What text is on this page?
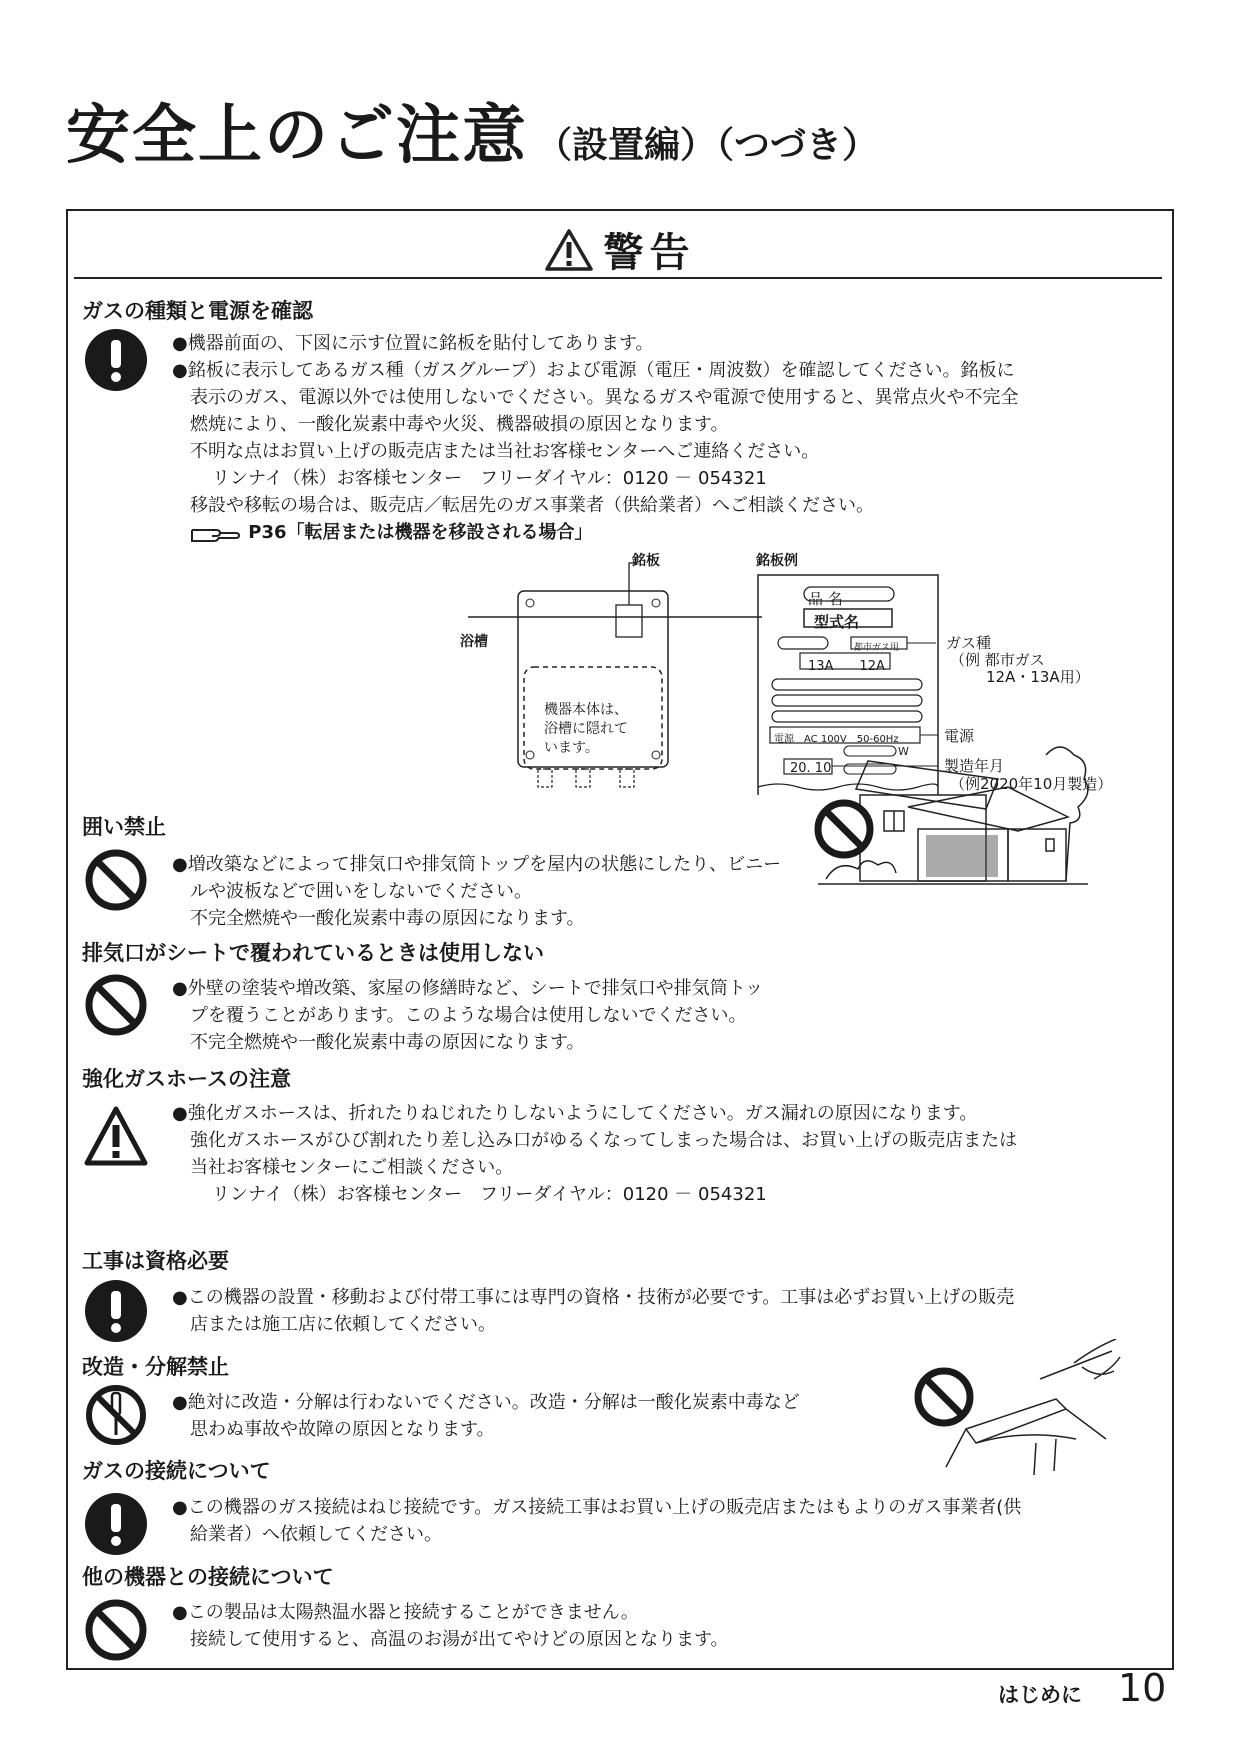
安全上のご注意 （設置編）（つづき）
警告
ガスの種類と電源を確認
●機器前面の、下図に示す位置に銘板を貼付してあります。
●銘板に表示してあるガス種（ガスグループ）および電源（電圧・周波数）を確認してください。銘板に
表示のガス、電源以外では使用しないでください。異なるガスや電源で使用すると、異常点火や不完全
燃焼により、一酸化炭素中毒や火災、機器破損の原因となります。
不明な点はお買い上げの販売店または当社お客様センターへご連絡ください。
リンナイ（株）お客様センター　フリーダイヤル：0120 － 054321
移設や移転の場合は、販売店／転居先のガス事業者（供給業者）へご相談ください。
P36「転居または機器を移設される場合」
銘板
浴槽
機器本体は、
浴槽に隠れて
います。
銘板例
品 名
型式名
都市ガス用
13A　　12A
電源　AC 100V　50-60Hz
W
20. 10
ガス種
（例 都市ガス
12A・13A用）
電源
製造年月
（例2020年10月製造）
囲い禁止
●増改築などによって排気口や排気筒トップを屋内の状態にしたり、ビニー
ルや波板などで囲いをしないでください。
不完全燃焼や一酸化炭素中毒の原因になります。
排気口がシートで覆われているときは使用しない
●外壁の塗装や増改築、家屋の修繕時など、シートで排気口や排気筒トッ
プを覆うことがあります。このような場合は使用しないでください。
不完全燃焼や一酸化炭素中毒の原因になります。
強化ガスホースの注意
●強化ガスホースは、折れたりねじれたりしないようにしてください。ガス漏れの原因になります。
強化ガスホースがひび割れたり差し込み口がゆるくなってしまった場合は、お買い上げの販売店または
当社お客様センターにご相談ください。
リンナイ（株）お客様センター　フリーダイヤル：0120 － 054321
工事は資格必要
●この機器の設置・移動および付帯工事には専門の資格・技術が必要です。工事は必ずお買い上げの販売
店または施工店に依頼してください。
改造・分解禁止
●絶対に改造・分解は行わないでください。改造・分解は一酸化炭素中毒など
思わぬ事故や故障の原因となります。
ガスの接続について
●この機器のガス接続はねじ接続です。ガス接続工事はお買い上げの販売店またはもよりのガス事業者(供
給業者）へ依頼してください。
他の機器との接続について
●この製品は太陽熱温水器と接続することができません。
接続して使用すると、高温のお湯が出てやけどの原因となります。
はじめに 10
